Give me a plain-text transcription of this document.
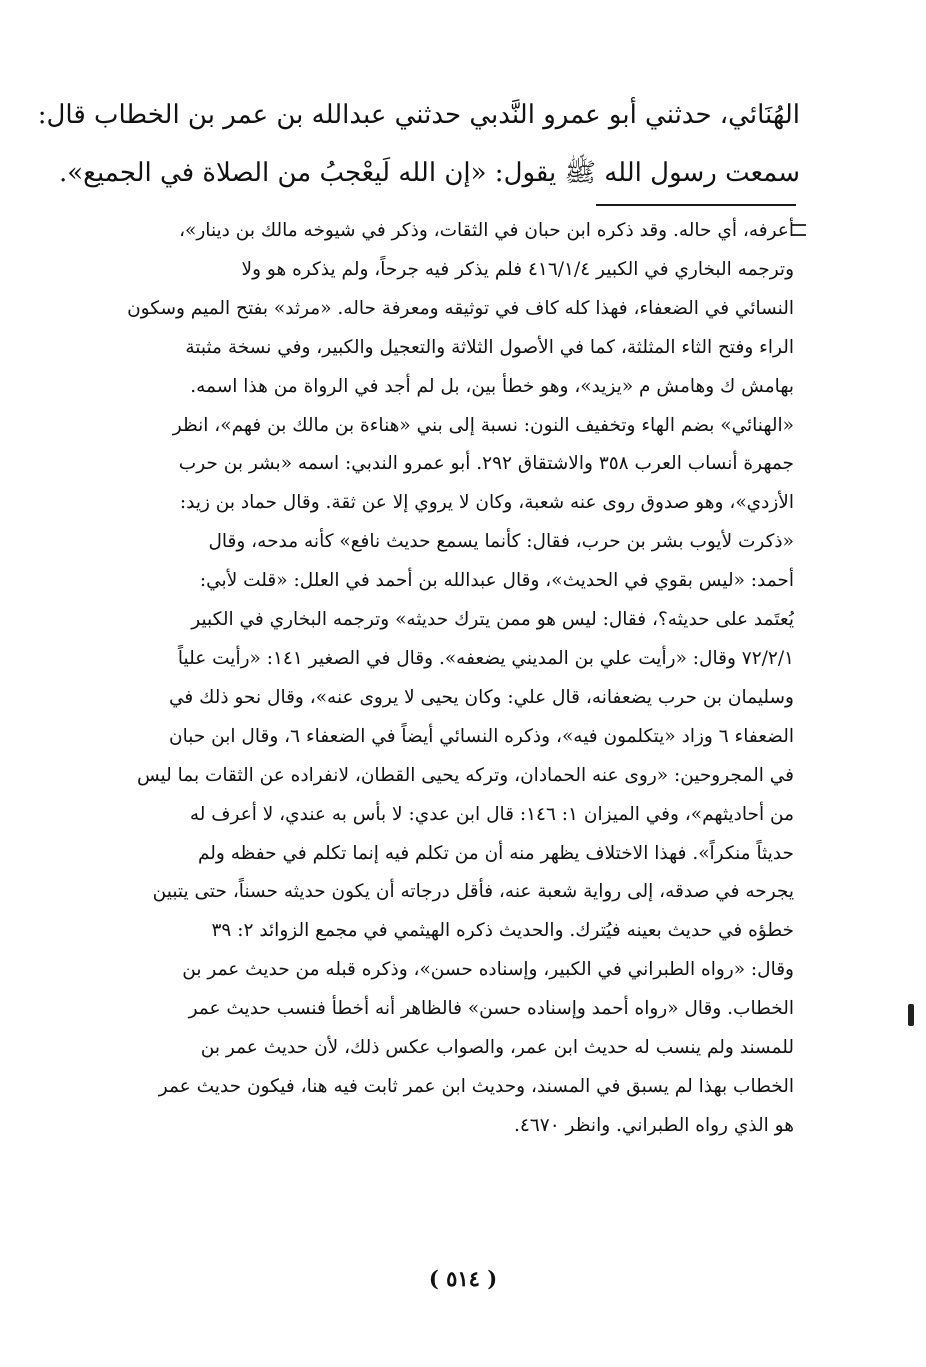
الهُنَائي، حدثني أبو عمرو النَّدبي حدثني عبدالله بن عمر بن الخطاب قال:
سمعت رسول الله ﷺ يقول: «إن الله لَيعْجبُ من الصلاة في الجميع».
أعرفه، أي حاله. وقد ذكره ابن حبان في الثقات، وذكر في شيوخه مالك بن دينار»،
وترجمه البخاري في الكبير ٤١٦/١/٤ فلم يذكر فيه جرحاً، ولم يذكره هو ولا
النسائي في الضعفاء، فهذا كله كاف في توثيقه ومعرفة حاله. «مرثد» بفتح الميم وسكون
الراء وفتح الثاء المثلثة، كما في الأصول الثلاثة والتعجيل والكبير، وفي نسخة مثبتة
بهامش ك وهامش م «يزيد»، وهو خطأ بين، بل لم أجد في الرواة من هذا اسمه.
«الهنائي» بضم الهاء وتخفيف النون: نسبة إلى بني «هناءة بن مالك بن فهم»، انظر
جمهرة أنساب العرب ٣٥٨ والاشتقاق ٢٩٢. أبو عمرو الندبي: اسمه «بشر بن حرب
الأزدي»، وهو صدوق روى عنه شعبة، وكان لا يروي إلا عن ثقة. وقال حماد بن زيد:
«ذكرت لأيوب بشر بن حرب، فقال: كأنما يسمع حديث نافع» كأنه مدحه، وقال
أحمد: «ليس بقوي في الحديث»، وقال عبدالله بن أحمد في العلل: «قلت لأبي:
يُعتَمد على حديثه؟، فقال: ليس هو ممن يترك حديثه» وترجمه البخاري في الكبير
٧٢/٢/١ وقال: «رأيت علي بن المديني يضعفه». وقال في الصغير ١٤١: «رأيت علياً
وسليمان بن حرب يضعفانه، قال علي: وكان يحيى لا يروى عنه»، وقال نحو ذلك في
الضعفاء ٦ وزاد «يتكلمون فيه»، وذكره النسائي أيضاً في الضعفاء ٦، وقال ابن حبان
في المجروحين: «روى عنه الحمادان، وتركه يحيى القطان، لانفراده عن الثقات بما ليس
من أحاديثهم»، وفي الميزان ١: ١٤٦: قال ابن عدي: لا بأس به عندي، لا أعرف له
حديثاً منكراً». فهذا الاختلاف يظهر منه أن من تكلم فيه إنما تكلم في حفظه ولم
يجرحه في صدقه، إلى رواية شعبة عنه، فأقل درجاته أن يكون حديثه حسناً، حتى يتبين
خطؤه في حديث بعينه فيُترك. والحديث ذكره الهيثمي في مجمع الزوائد ٢: ٣٩
وقال: «رواه الطبراني في الكبير، وإسناده حسن»، وذكره قبله من حديث عمر بن
الخطاب. وقال «رواه أحمد وإسناده حسن» فالظاهر أنه أخطأ فنسب حديث عمر
للمسند ولم ينسب له حديث ابن عمر، والصواب عكس ذلك، لأن حديث عمر بن
الخطاب بهذا لم يسبق في المسند، وحديث ابن عمر ثابت فيه هنا، فيكون حديث عمر
هو الذي رواه الطبراني. وانظر ٤٦٧٠.
( ٥١٤ )
